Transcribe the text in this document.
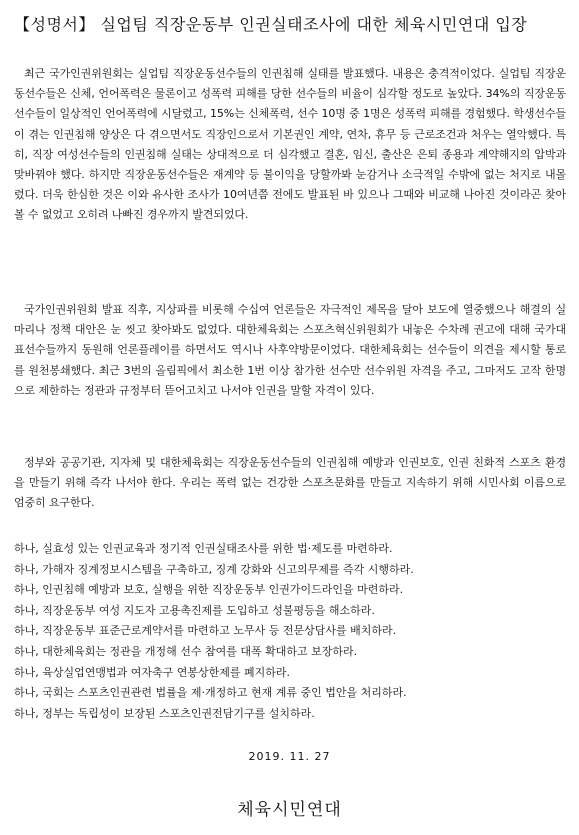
【성명서】 실업팀 직장운동부 인권실태조사에 대한 체육시민연대 입장

최근 국가인권위원회는 실업팀 직장운동선수들의 인권침해 실태를 발표했다. 내용은 충격적이었다. 실업팀 직장운동선수들은 신체, 언어폭력은 물론이고 성폭력 피해를 당한 선수들의 비율이 심각할 정도로 높았다. 34%의 직장운동선수들이 일상적인 언어폭력에 시달렸고, 15%는 신체폭력, 선수 10명 중 1명은 성폭력 피해를 경험했다. 학생선수들이 겪는 인권침해 양상은 다 겪으면서도 직장인으로서 기본권인 계약, 연차, 휴무 등 근로조건과 처우는 열악했다. 특히, 직장 여성선수들의 인권침해 실태는 상대적으로 더 심각했고 결혼, 임신, 출산은 은퇴 종용과 계약해지의 압박과 맞바꿔야 했다. 하지만 직장운동선수들은 재계약 등 불이익을 당할까봐 눈감거나 소극적일 수밖에 없는 처지로 내몰렸다. 더욱 한심한 것은 이와 유사한 조사가 10여년쯤 전에도 발표된 바 있으나 그때와 비교해 나아진 것이라곤 찾아볼 수 없었고 오히려 나빠진 경우까지 발견되었다.

국가인권위원회 발표 직후, 지상파를 비롯해 수십여 언론들은 자극적인 제목을 달아 보도에 열중했으나 해결의 실마리나 정책 대안은 눈 씻고 찾아봐도 없었다. 대한체육회는 스포츠혁신위원회가 내놓은 수차례 권고에 대해 국가대표선수들까지 동원해 언론플레이를 하면서도 역시나 사후약방문이었다. 대한체육회는 선수들이 의견을 제시할 통로를 원천봉쇄했다. 최근 3번의 올림픽에서 최소한 1번 이상 참가한 선수만 선수위원 자격을 주고, 그마저도 고작 한명으로 제한하는 정관과 규정부터 뜯어고치고 나서야 인권을 말할 자격이 있다.

정부와 공공기관, 지자체 및 대한체육회는 직장운동선수들의 인권침해 예방과 인권보호, 인권 친화적 스포츠 환경을 만들기 위해 즉각 나서야 한다. 우리는 폭력 없는 건강한 스포츠문화를 만들고 지속하기 위해 시민사회 이름으로 엄중히 요구한다.

하나, 실효성 있는 인권교육과 정기적 인권실태조사를 위한 법·제도를 마련하라.
하나, 가해자 징계정보시스템을 구축하고, 징계 강화와 신고의무제를 즉각 시행하라.
하나, 인권침해 예방과 보호, 실행을 위한 직장운동부 인권가이드라인을 마련하라.
하나, 직장운동부 여성 지도자 고용촉진제를 도입하고 성불평등을 해소하라.
하나, 직장운동부 표준근로계약서를 마련하고 노무사 등 전문상담사를 배치하라.
하나, 대한체육회는 정관을 개정해 선수 참여를 대폭 확대하고 보장하라.
하나, 육상실업연맹법과 여자축구 연봉상한제를 폐지하라.
하나, 국회는 스포츠인권관련 법률을 제·개정하고 현재 계류 중인 법안을 처리하라.
하나, 정부는 독립성이 보장된 스포츠인권전담기구를 설치하라.
2019. 11. 27
체육시민연대
